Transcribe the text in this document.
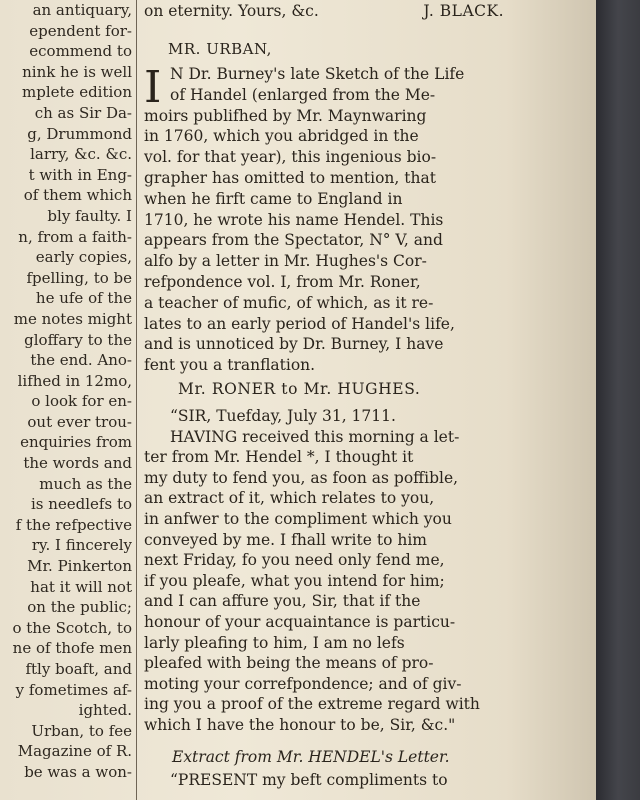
an antiquary,
ependent for-
ecommend to
nink he is well
mplete edition
ch as Sir Da-
g, Drummond
larry, &c. &c.
t with in Eng-
of them which
bly faulty. I
n, from a faith-
early copies,
fpelling, to be
he ufe of the
me notes might
gloffary to the
the end. Ano-
lifhed in 12mo,
o look for en-
out ever trou-
enquiries from
the words and
much as the
is needlefs to
f the refpective
ry. I fincerely
Mr. Pinkerton
hat it will not
on the public;
o the Scotch, to
ne of thofe men
ftly boaft, and
y fometimes af-
ighted.
Urban, to fee
Magazine of R.
be was a won-
on eternity. Yours, &c.	J. BLACK.
MR. URBAN,
I N Dr. Burney's late Sketch of the Life
of Handel (enlarged from the Me-
moirs publifhed by Mr. Maynwaring
in 1760, which you abridged in the
vol. for that year), this ingenious bio-
grapher has omitted to mention, that
when he firft came to England in
1710, he wrote his name Hendel. This
appears from the Spectator, N° V, and
alfo by a letter in Mr. Hughes's Cor-
refpondence vol. I, from Mr. Roner,
a teacher of mufic, of which, as it re-
lates to an early period of Handel's life,
and is unnoticed by Dr. Burney, I have
fent you a tranflation.
Mr. RONER to Mr. HUGHES.
“SIR, Tuefday, July 31, 1711.
HAVING received this morning a let-
ter from Mr. Hendel *, I thought it
my duty to fend you, as foon as poffible,
an extract of it, which relates to you,
in anfwer to the compliment which you
conveyed by me. I fhall write to him
next Friday, fo you need only fend me,
if you pleafe, what you intend for him;
and I can affure you, Sir, that if the
honour of your acquaintance is particu-
larly pleafing to him, I am no lefs
pleafed with being the means of pro-
moting your correfpondence; and of giv-
ing you a proof of the extreme regard with
which I have the honour to be, Sir, &c."
Extract from Mr. HENDEL's Letter.
“PRESENT my beft compliments to
